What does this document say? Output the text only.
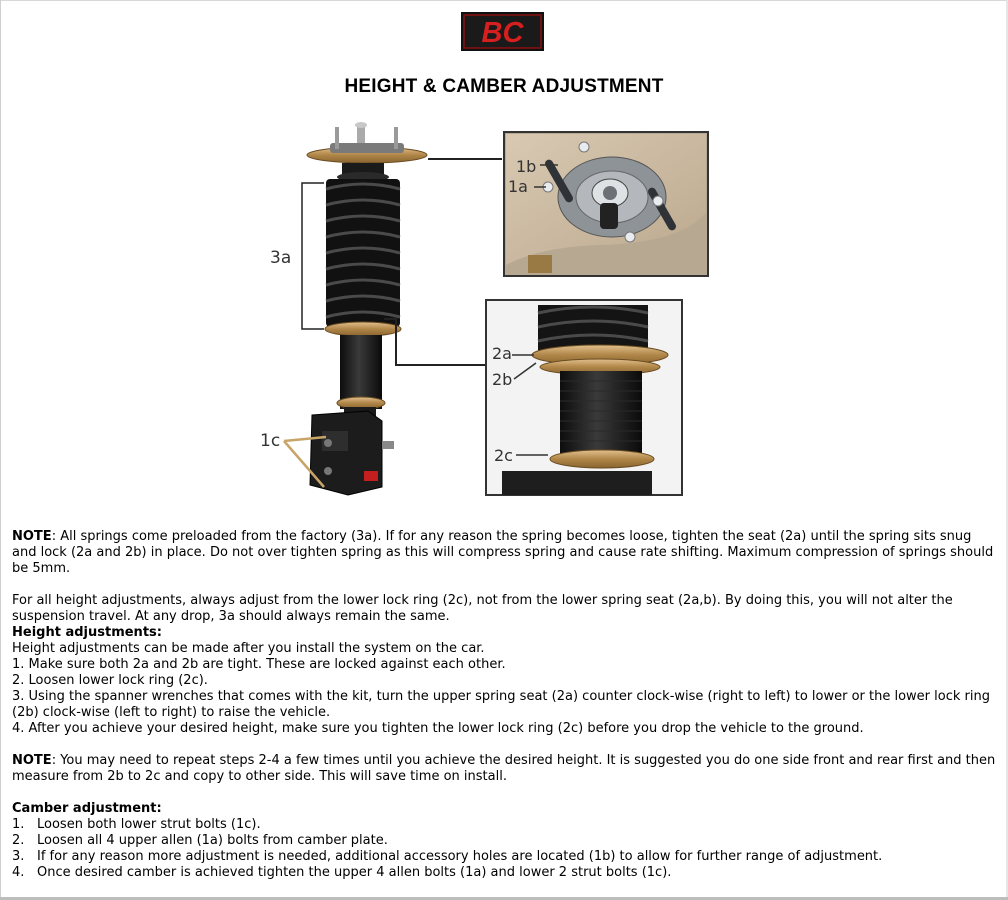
BC
HEIGHT & CAMBER ADJUSTMENT
3a
1c
1b
1a
2a
2b
2c

NOTE: All springs come preloaded from the factory (3a). If for any reason the spring becomes loose, tighten the seat (2a) until the spring sits snug and lock (2a and 2b) in place. Do not over tighten spring as this will compress spring and cause rate shifting. Maximum compression of springs should be 5mm.

For all height adjustments, always adjust from the lower lock ring (2c), not from the lower spring seat (2a,b). By doing this, you will not alter the suspension travel. At any drop, 3a should always remain the same.

Height adjustments:

Height adjustments can be made after you install the system on the car.

1. Make sure both 2a and 2b are tight. These are locked against each other.

2. Loosen lower lock ring (2c).

3. Using the spanner wrenches that comes with the kit, turn the upper spring seat (2a) counter clock-wise (right to left) to lower or the lower lock ring (2b) clock-wise (left to right) to raise the vehicle.

4. After you achieve your desired height, make sure you tighten the lower lock ring (2c) before you drop the vehicle to the ground.

NOTE: You may need to repeat steps 2-4 a few times until you achieve the desired height. It is suggested you do one side front and rear first and then measure from 2b to 2c and copy to other side. This will save time on install.

Camber adjustment:

1. Loosen both lower strut bolts (1c).

2. Loosen all 4 upper allen (1a) bolts from camber plate.

3. If for any reason more adjustment is needed, additional accessory holes are located (1b) to allow for further range of adjustment.

4. Once desired camber is achieved tighten the upper 4 allen bolts (1a) and lower 2 strut bolts (1c).
